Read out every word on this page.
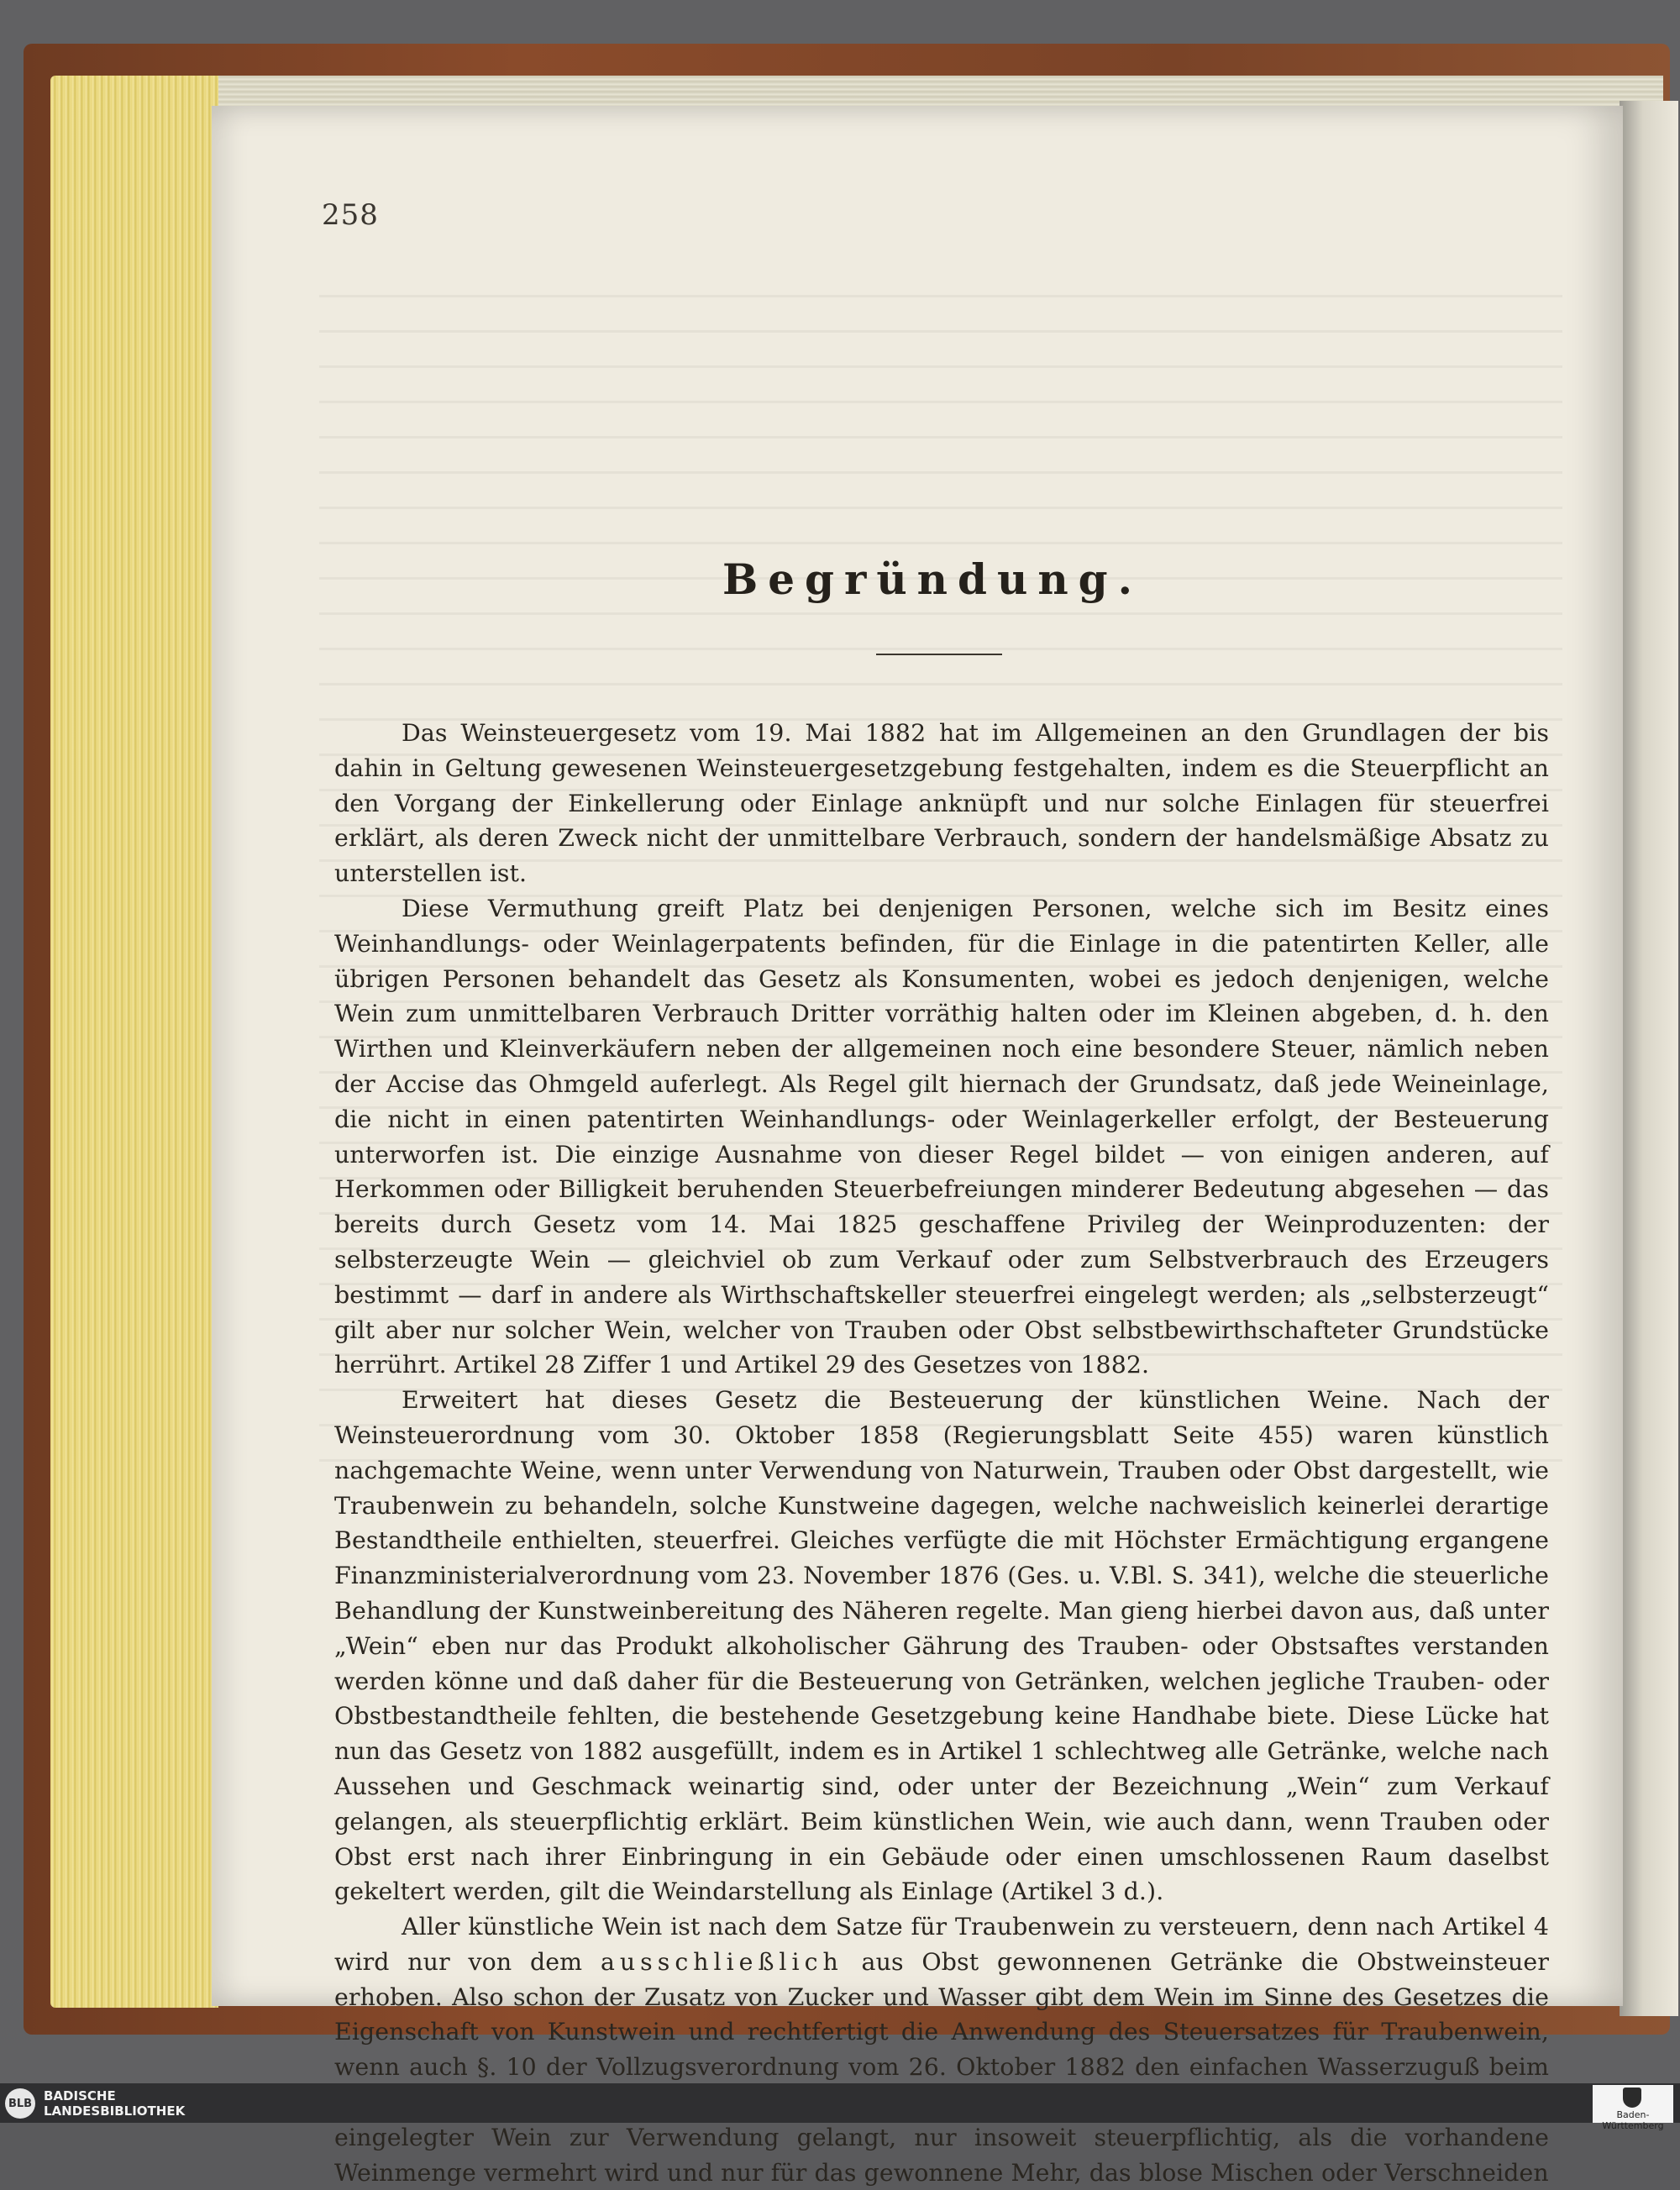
258
Begründung.

Das Weinsteuergesetz vom 19. Mai 1882 hat im Allgemeinen an den Grundlagen der bis dahin in Geltung gewesenen Weinsteuergesetzgebung festgehalten, indem es die Steuerpflicht an den Vorgang der Einkellerung oder Einlage anknüpft und nur solche Einlagen für steuerfrei erklärt, als deren Zweck nicht der unmittelbare Verbrauch, sondern der handelsmäßige Absatz zu unterstellen ist.

Diese Vermuthung greift Platz bei denjenigen Personen, welche sich im Besitz eines Weinhandlungs- oder Weinlagerpatents befinden, für die Einlage in die patentirten Keller, alle übrigen Personen behandelt das Gesetz als Konsumenten, wobei es jedoch denjenigen, welche Wein zum unmittelbaren Verbrauch Dritter vorräthig halten oder im Kleinen abgeben, d. h. den Wirthen und Kleinverkäufern neben der allgemeinen noch eine besondere Steuer, nämlich neben der Accise das Ohmgeld auferlegt. Als Regel gilt hiernach der Grundsatz, daß jede Weineinlage, die nicht in einen patentirten Weinhandlungs- oder Weinlagerkeller erfolgt, der Besteuerung unterworfen ist. Die einzige Ausnahme von dieser Regel bildet — von einigen anderen, auf Herkommen oder Billigkeit beruhenden Steuerbefreiungen minderer Bedeutung abgesehen — das bereits durch Gesetz vom 14. Mai 1825 geschaffene Privileg der Weinproduzenten: der selbsterzeugte Wein — gleichviel ob zum Verkauf oder zum Selbstverbrauch des Erzeugers bestimmt — darf in andere als Wirthschaftskeller steuerfrei eingelegt werden; als „selbsterzeugt“ gilt aber nur solcher Wein, welcher von Trauben oder Obst selbstbewirthschafteter Grundstücke herrührt. Artikel 28 Ziffer 1 und Artikel 29 des Gesetzes von 1882.

Erweitert hat dieses Gesetz die Besteuerung der künstlichen Weine. Nach der Weinsteuerordnung vom 30. Oktober 1858 (Regierungsblatt Seite 455) waren künstlich nachgemachte Weine, wenn unter Verwendung von Naturwein, Trauben oder Obst dargestellt, wie Traubenwein zu behandeln, solche Kunstweine dagegen, welche nachweislich keinerlei derartige Bestandtheile enthielten, steuerfrei. Gleiches verfügte die mit Höchster Ermächtigung ergangene Finanzministerialverordnung vom 23. November 1876 (Ges. u. V.Bl. S. 341), welche die steuerliche Behandlung der Kunstweinbereitung des Näheren regelte. Man gieng hierbei davon aus, daß unter „Wein“ eben nur das Produkt alkoholischer Gährung des Trauben- oder Obstsaftes verstanden werden könne und daß daher für die Besteuerung von Getränken, welchen jegliche Trauben- oder Obstbestandtheile fehlten, die bestehende Gesetzgebung keine Handhabe biete. Diese Lücke hat nun das Gesetz von 1882 ausgefüllt, indem es in Artikel 1 schlechtweg alle Getränke, welche nach Aussehen und Geschmack weinartig sind, oder unter der Bezeichnung „Wein“ zum Verkauf gelangen, als steuerpflichtig erklärt. Beim künstlichen Wein, wie auch dann, wenn Trauben oder Obst erst nach ihrer Einbringung in ein Gebäude oder einen umschlossenen Raum daselbst gekeltert werden, gilt die Weindarstellung als Einlage (Artikel 3 d.).

Aller künstliche Wein ist nach dem Satze für Traubenwein zu versteuern, denn nach Artikel 4 wird nur von dem ausschließlich aus Obst gewonnenen Getränke die Obstweinsteuer erhoben. Also schon der Zusatz von Zucker und Wasser gibt dem Wein im Sinne des Gesetzes die Eigenschaft von Kunstwein und rechtfertigt die Anwendung des Steuersatzes für Traubenwein, wenn auch §. 10 der Vollzugsverordnung vom 26. Oktober 1882 den einfachen Wasserzuguß beim eingelegter Wein zur Verwendung gelangt, nur insoweit steuerpflichtig, als die vorhandene Weinmenge vermehrt wird und nur für das gewonnene Mehr, das blose Mischen oder Verschneiden

BLB BADISCHE
LANDESBIBLIOTHEK	Baden-Württemberg
